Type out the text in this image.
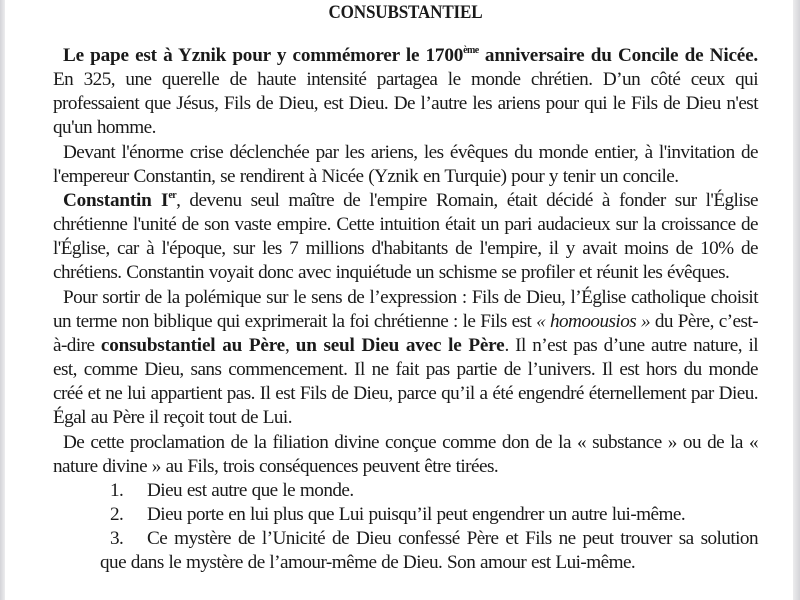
CONSUBSTANTIEL

Le pape est à Yznik pour y commémorer le 1700ème anniversaire du Concile de Nicée. En 325, une querelle de haute intensité partagea le monde chrétien. D’un côté ceux qui professaient que Jésus, Fils de Dieu, est Dieu. De l’autre les ariens pour qui le Fils de Dieu n'est qu'un homme.

Devant l'énorme crise déclenchée par les ariens, les évêques du monde entier, à l'invitation de l'empereur Constantin, se rendirent à Nicée (Yznik en Turquie) pour y tenir un concile.

Constantin Ier, devenu seul maître de l'empire Romain, était décidé à fonder sur l'Église chrétienne l'unité de son vaste empire. Cette intuition était un pari audacieux sur la croissance de l'Église, car à l'époque, sur les 7 millions d'habitants de l'empire, il y avait moins de 10% de chrétiens. Constantin voyait donc avec inquiétude un schisme se profiler et réunit les évêques.

Pour sortir de la polémique sur le sens de l’expression : Fils de Dieu, l’Église catholique choisit un terme non biblique qui exprimerait la foi chrétienne : le Fils est « homoousios » du Père, c’est-à-dire consubstantiel au Père, un seul Dieu avec le Père. Il n’est pas d’une autre nature, il est, comme Dieu, sans commencement. Il ne fait pas partie de l’univers. Il est hors du monde créé et ne lui appartient pas. Il est Fils de Dieu, parce qu’il a été engendré éternellement par Dieu. Égal au Père il reçoit tout de Lui.

De cette proclamation de la filiation divine conçue comme don de la « substance » ou de la « nature divine » au Fils, trois conséquences peuvent être tirées.

1. Dieu est autre que le monde.

2. Dieu porte en lui plus que Lui puisqu’il peut engendrer un autre lui-même.

3. Ce mystère de l’Unicité de Dieu confessé Père et Fils ne peut trouver sa solution que dans le mystère de l’amour-même de Dieu. Son amour est Lui-même.
